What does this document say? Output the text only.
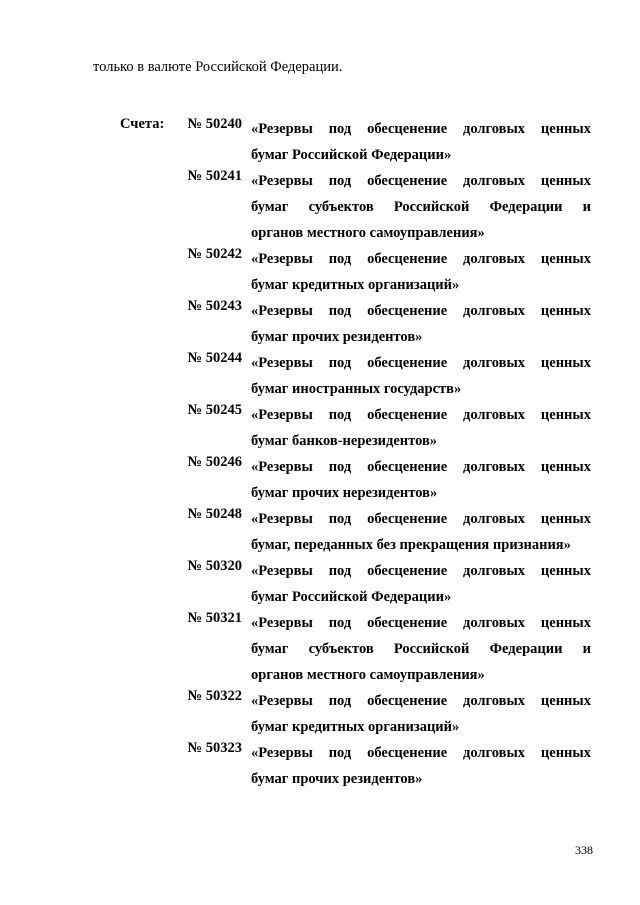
только в валюте Российской Федерации.
Счета:	№ 50240 «Резервы под обесценение долговых ценных
бумаг Российской Федерации»
№ 50241 «Резервы под обесценение долговых ценных
бумаг субъектов Российской Федерации и
органов местного самоуправления»
№ 50242 «Резервы под обесценение долговых ценных
бумаг кредитных организаций»
№ 50243 «Резервы под обесценение долговых ценных
бумаг прочих резидентов»
№ 50244 «Резервы под обесценение долговых ценных
бумаг иностранных государств»
№ 50245 «Резервы под обесценение долговых ценных
бумаг банков-нерезидентов»
№ 50246 «Резервы под обесценение долговых ценных
бумаг прочих нерезидентов»
№ 50248 «Резервы под обесценение долговых ценных
бумаг, переданных без прекращения признания»
№ 50320 «Резервы под обесценение долговых ценных
бумаг Российской Федерации»
№ 50321 «Резервы под обесценение долговых ценных
бумаг субъектов Российской Федерации и
органов местного самоуправления»
№ 50322 «Резервы под обесценение долговых ценных
бумаг кредитных организаций»
№ 50323 «Резервы под обесценение долговых ценных
бумаг прочих резидентов»
338
